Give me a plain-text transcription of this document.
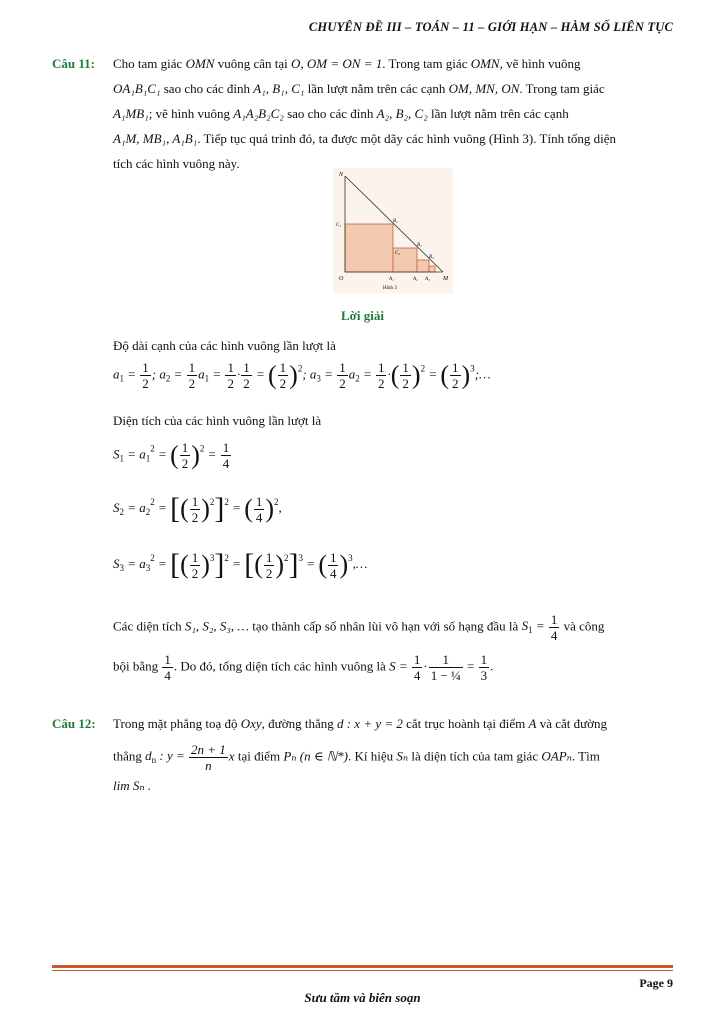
CHUYÊN ĐỀ III – TOÁN – 11 – GIỚI HẠN – HÀM SỐ LIÊN TỤC
Câu 11: Cho tam giác OMN vuông cân tại O, OM = ON = 1. Trong tam giác OMN, vẽ hình vuông
OA₁B₁C₁ sao cho các đỉnh A₁, B₁, C₁ lần lượt nằm trên các cạnh OM, MN, ON. Trong tam giác
A₁MB₁; vẽ hình vuông A₁A₂B₂C₂ sao cho các đỉnh A₂, B₂, C₂ lần lượt nằm trên các cạnh
A₁M, MB₁, A₁B₁. Tiếp tục quá trình đó, ta được một dãy các hình vuông (Hình 3). Tính tổng diện
tích các hình vuông này.
N
O	M
C₁
B₁
A₁
C₂
B₂
A₂
B₃
A₃
Hình 3
Lời giải
Độ dài cạnh của các hình vuông lần lượt là
$a_1 = \frac{1}{2}$ ; $a_2 = \frac{1}{2} a_1 = \frac{1}{2} \cdot \frac{1}{2}$ = ( $\frac{1}{2} )^2$; $a_3 = \frac{1}{2} a_2 = \frac{1}{2}$ ·( $\frac{1}{2} )^2$ = ( $\frac{1}{2}$ )$^3$;…
Diện tích của các hình vuông lần lượt là
$S_1 = a_1^2$ = ( $\frac{1}{2} )^2 = \frac{1}{4}$
$S_2 = a_2^2$ = [( $\frac{1}{2} )^2]^2$ = ( $\frac{1}{4} )^2$,
$S_3 = a_3^2$ = [( $\frac{1}{2} )^3]^2$ = [( $\frac{1}{2} )^2]^3$ = ( $\frac{1}{4}$ )$^3$,…
Các diện tích S₁, S₂, S₃, … tạo thành cấp số nhân lùi vô hạn với số hạng đầu là $S_1 = \frac{1}{4}$ và công
bội bằng $\frac{1}{4}$ . Do đó, tổng diện tích các hình vuông là $S = \frac{1}{4} \cdot \frac{1}{\text{1 − ¼}} = \frac{1}{3}$ .
Câu 12: Trong mặt phẳng toạ độ Oxy, đường thẳng d : x + y = 2 cắt trục hoành tại điểm A và cắt đường
thẳng $d_n$ : $y = \frac{2n + 1}{n}$ x tại điểm Pₙ (n ∈ ℕ*). Kí hiệu Sₙ là diện tích của tam giác OAPₙ. Tìm
lim Sₙ .
Page 9
Sưu tầm và biên soạn
